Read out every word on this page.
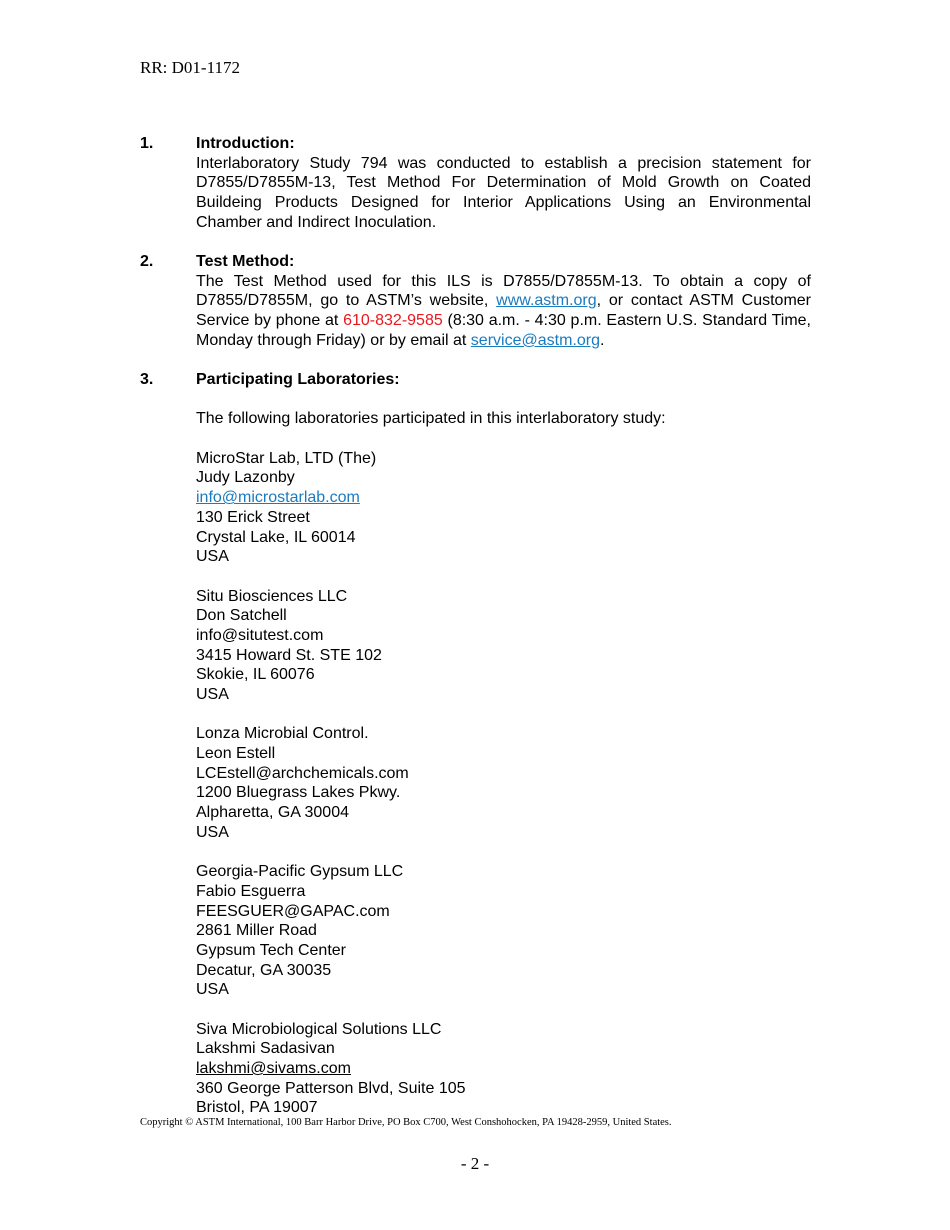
RR: D01-1172
1.	Introduction:
Interlaboratory Study 794 was conducted to establish a precision statement for D7855/D7855M-13, Test Method For Determination of Mold Growth on Coated Buildeing Products Designed for Interior Applications Using an Environmental Chamber and Indirect Inoculation.
2.	Test Method:
The Test Method used for this ILS is D7855/D7855M-13. To obtain a copy of D7855/D7855M, go to ASTM’s website, www.astm.org, or contact ASTM Customer Service by phone at 610-832-9585 (8:30 a.m. - 4:30 p.m. Eastern U.S. Standard Time, Monday through Friday) or by email at service@astm.org.
3.	Participating Laboratories:
The following laboratories participated in this interlaboratory study:
MicroStar Lab, LTD (The)
Judy Lazonby
info@microstarlab.com
130 Erick Street
Crystal Lake, IL 60014
USA
Situ Biosciences LLC
Don Satchell
info@situtest.com
3415 Howard St. STE 102
Skokie, IL 60076
USA
Lonza Microbial Control.
Leon Estell
LCEstell@archchemicals.com
1200 Bluegrass Lakes Pkwy.
Alpharetta, GA 30004
USA
Georgia-Pacific Gypsum LLC
Fabio Esguerra
FEESGUER@GAPAC.com
2861 Miller Road
Gypsum Tech Center
Decatur, GA 30035
USA
Siva Microbiological Solutions LLC
Lakshmi Sadasivan
lakshmi@sivams.com
360 George Patterson Blvd, Suite 105
Bristol, PA 19007
Copyright © ASTM International, 100 Barr Harbor Drive, PO Box C700, West Conshohocken, PA 19428-2959, United States.
- 2 -
